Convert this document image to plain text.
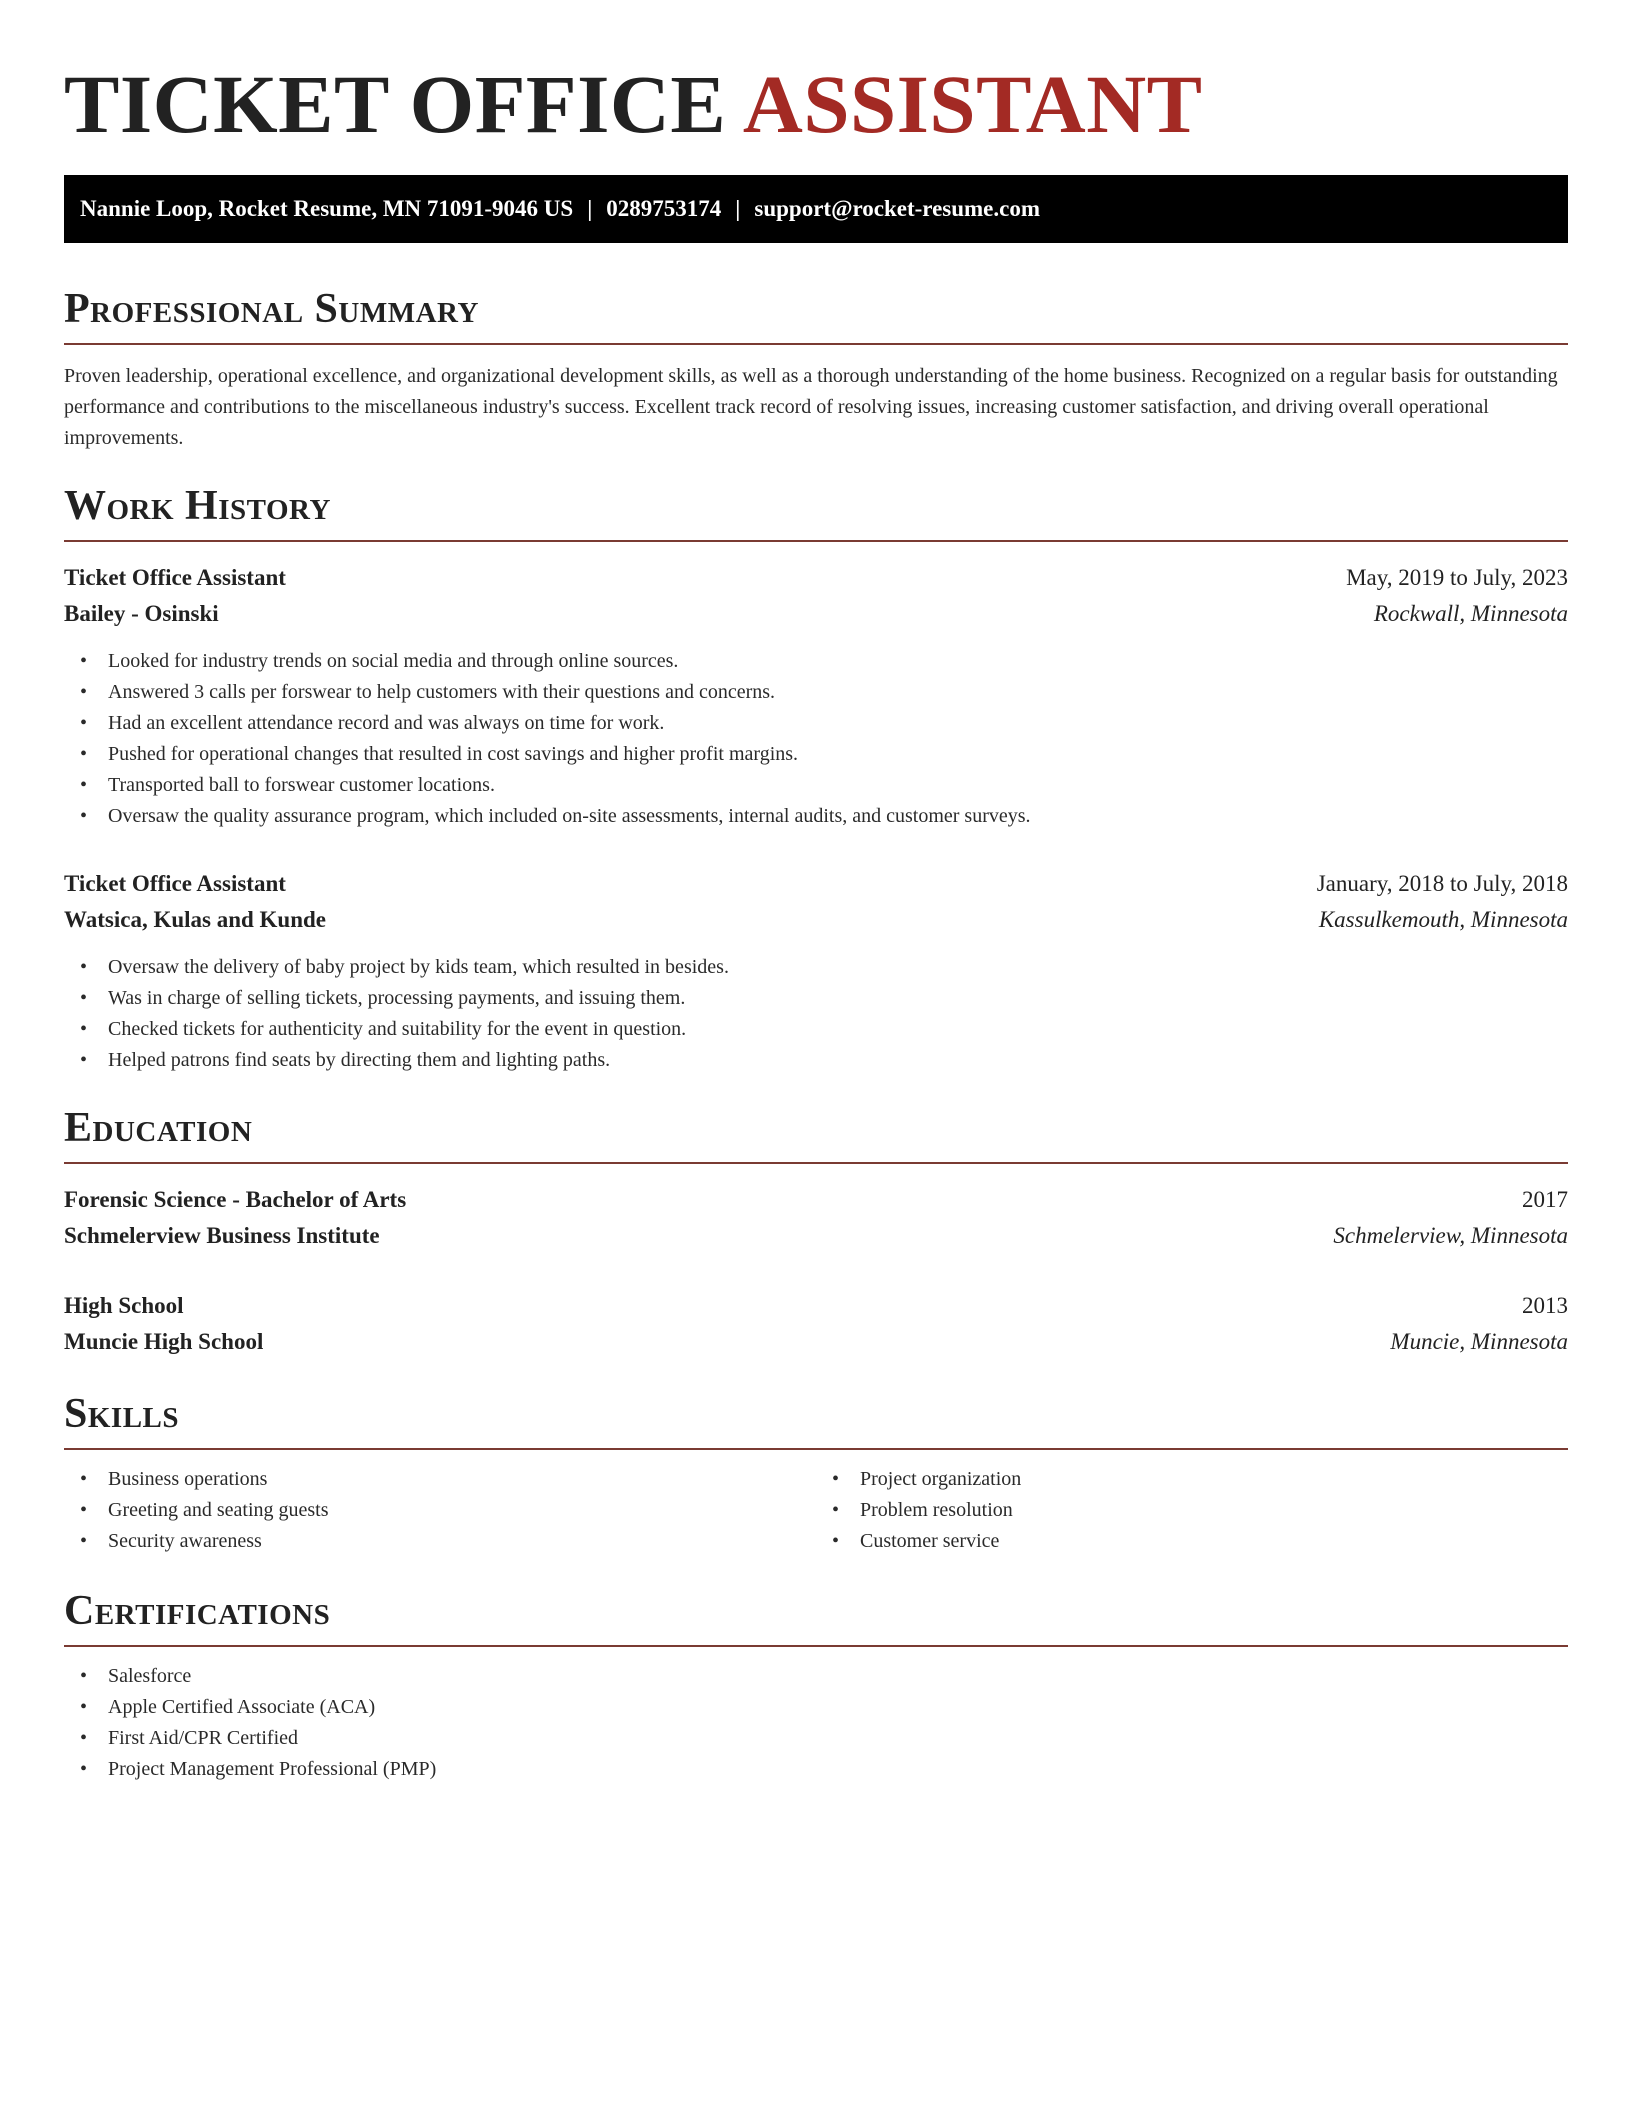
TICKET OFFICE ASSISTANT
Nannie Loop, Rocket Resume, MN 71091-9046 US | 0289753174 | support@rocket-resume.com
Professional Summary

Proven leadership, operational excellence, and organizational development skills, as well as a thorough understanding of the home business. Recognized on a regular basis for outstanding performance and contributions to the miscellaneous industry's success. Excellent track record of resolving issues, increasing customer satisfaction, and driving overall operational improvements.

Work History
Ticket Office Assistant	May, 2019 to July, 2023
Bailey - Osinski	Rockwall, Minnesota
• Looked for industry trends on social media and through online sources.
• Answered 3 calls per forswear to help customers with their questions and concerns.
• Had an excellent attendance record and was always on time for work.
• Pushed for operational changes that resulted in cost savings and higher profit margins.
• Transported ball to forswear customer locations.
• Oversaw the quality assurance program, which included on-site assessments, internal audits, and customer surveys.
Ticket Office Assistant	January, 2018 to July, 2018
Watsica, Kulas and Kunde	Kassulkemouth, Minnesota
• Oversaw the delivery of baby project by kids team, which resulted in besides.
• Was in charge of selling tickets, processing payments, and issuing them.
• Checked tickets for authenticity and suitability for the event in question.
• Helped patrons find seats by directing them and lighting paths.
Education
Forensic Science - Bachelor of Arts	2017
Schmelerview Business Institute	Schmelerview, Minnesota
High School	2013
Muncie High School	Muncie, Minnesota
Skills
• Business operations
• Greeting and seating guests
• Security awareness
• Project organization
• Problem resolution
• Customer service
Certifications
• Salesforce
• Apple Certified Associate (ACA)
• First Aid/CPR Certified
• Project Management Professional (PMP)
